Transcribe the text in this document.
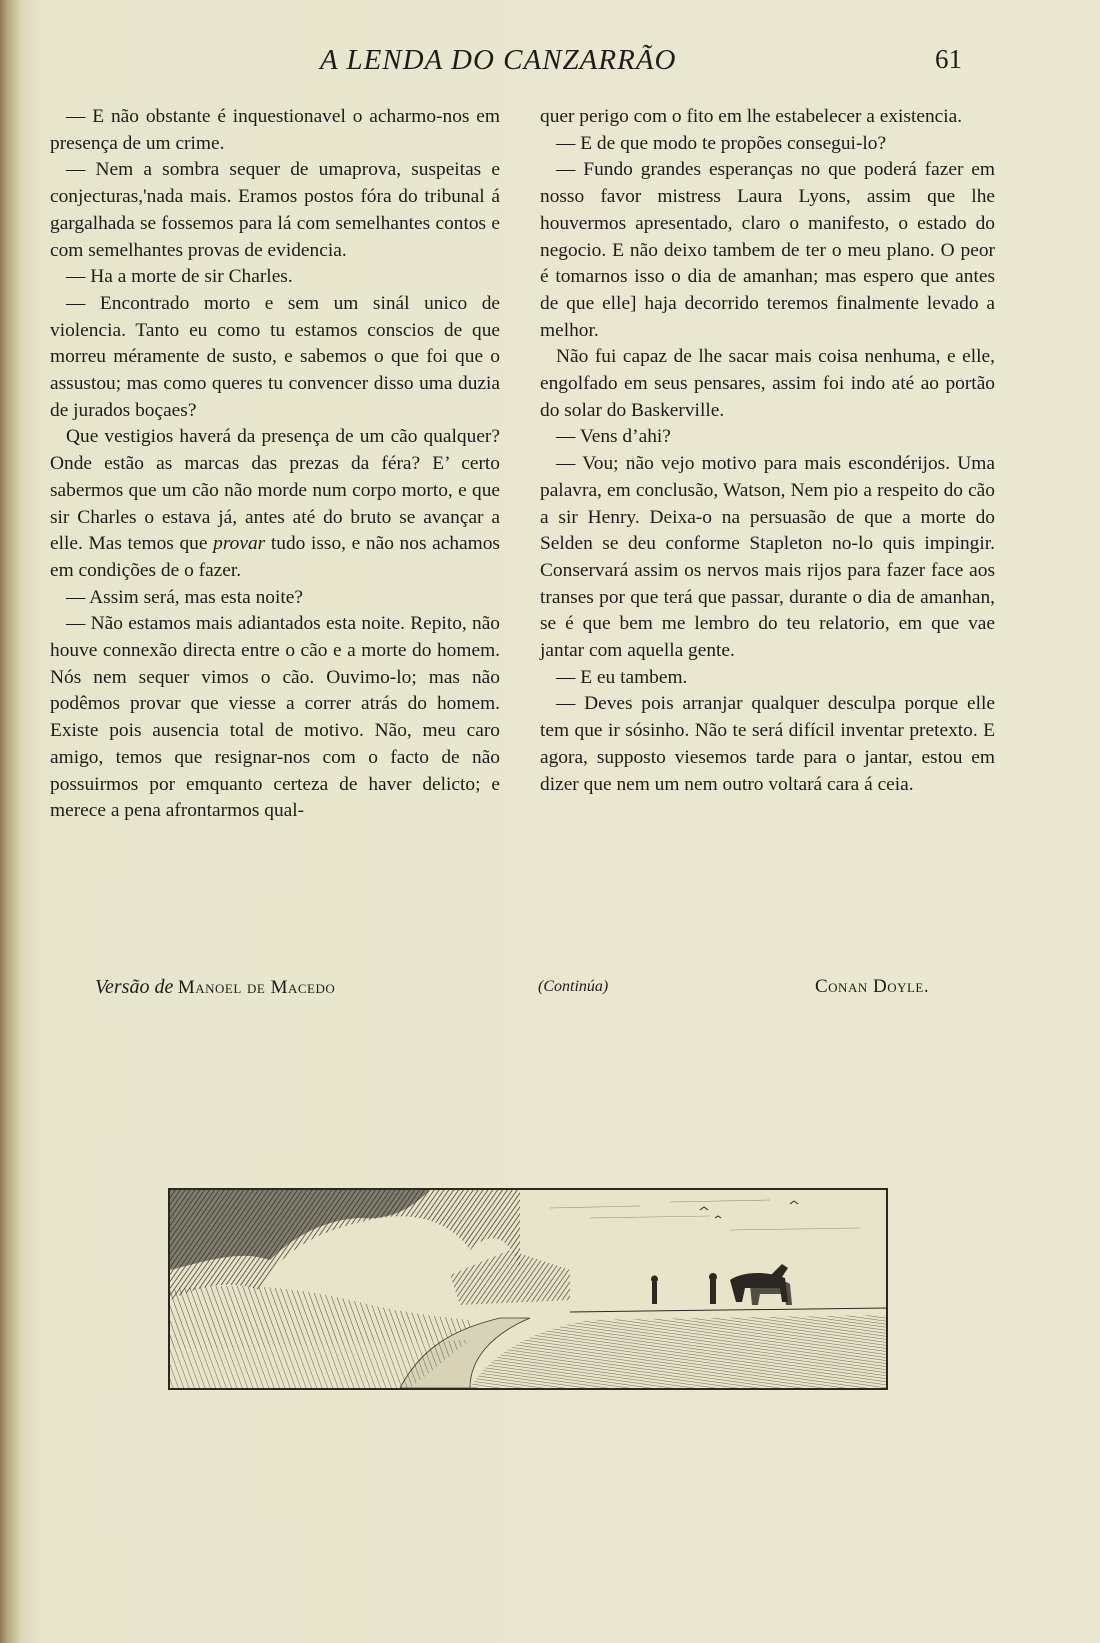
A LENDA DO CANZARRÃO	61

— E não obstante é inquestionavel o acharmo-nos em presença de um crime.

— Nem a sombra sequer de umaprova, suspeitas e conjecturas,'nada mais. Eramos postos fóra do tribunal á gargalhada se fossemos para lá com semelhantes contos e com semelhantes provas de evidencia.

— Ha a morte de sir Charles.

— Encontrado morto e sem um sinál unico de violencia. Tanto eu como tu estamos conscios de que morreu méramente de susto, e sabemos o que foi que o assustou; mas como queres tu convencer disso uma duzia de jurados boçaes?

Que vestigios haverá da presença de um cão qualquer? Onde estão as marcas das prezas da féra? E’ certo sabermos que um cão não morde num corpo morto, e que sir Charles o estava já, antes até do bruto se avançar a elle. Mas temos que provar tudo isso, e não nos achamos em condições de o fazer.

— Assim será, mas esta noite?

— Não estamos mais adiantados esta noite. Repito, não houve connexão directa entre o cão e a morte do homem. Nós nem sequer vimos o cão. Ouvimo-lo; mas não podêmos provar que viesse a correr atrás do homem. Existe pois ausencia total de motivo. Não, meu caro amigo, temos que resignar-nos com o facto de não possuirmos por emquanto certeza de haver delicto; e merece a pena afrontarmos qual-

quer perigo com o fito em lhe estabelecer a existencia.

— E de que modo te propões consegui-lo?

— Fundo grandes esperanças no que poderá fazer em nosso favor mistress Laura Lyons, assim que lhe houvermos apresentado, claro o manifesto, o estado do negocio. E não deixo tambem de ter o meu plano. O peor é tomarnos isso o dia de amanhan; mas espero que antes de que elle] haja decorrido teremos finalmente levado a melhor.

Não fui capaz de lhe sacar mais coisa nenhuma, e elle, engolfado em seus pensares, assim foi indo até ao portão do solar do Baskerville.

— Vens d’ahi?

— Vou; não vejo motivo para mais escondérijos. Uma palavra, em conclusão, Watson, Nem pio a respeito do cão a sir Henry. Deixa-o na persuasão de que a morte do Selden se deu conforme Stapleton no-lo quis impingir. Conservará assim os nervos mais rijos para fazer face aos transes por que terá que passar, durante o dia de amanhan, se é que bem me lembro do teu relatorio, em que vae jantar com aquella gente.

— E eu tambem.

— Deves pois arranjar qualquer desculpa porque elle tem que ir sósinho. Não te será difícil inventar pretexto. E agora, supposto viesemos tarde para o jantar, estou em dizer que nem um nem outro voltará cara á ceia.

Versão de Manoel de Macedo	(Continúa)	Conan Doyle.
